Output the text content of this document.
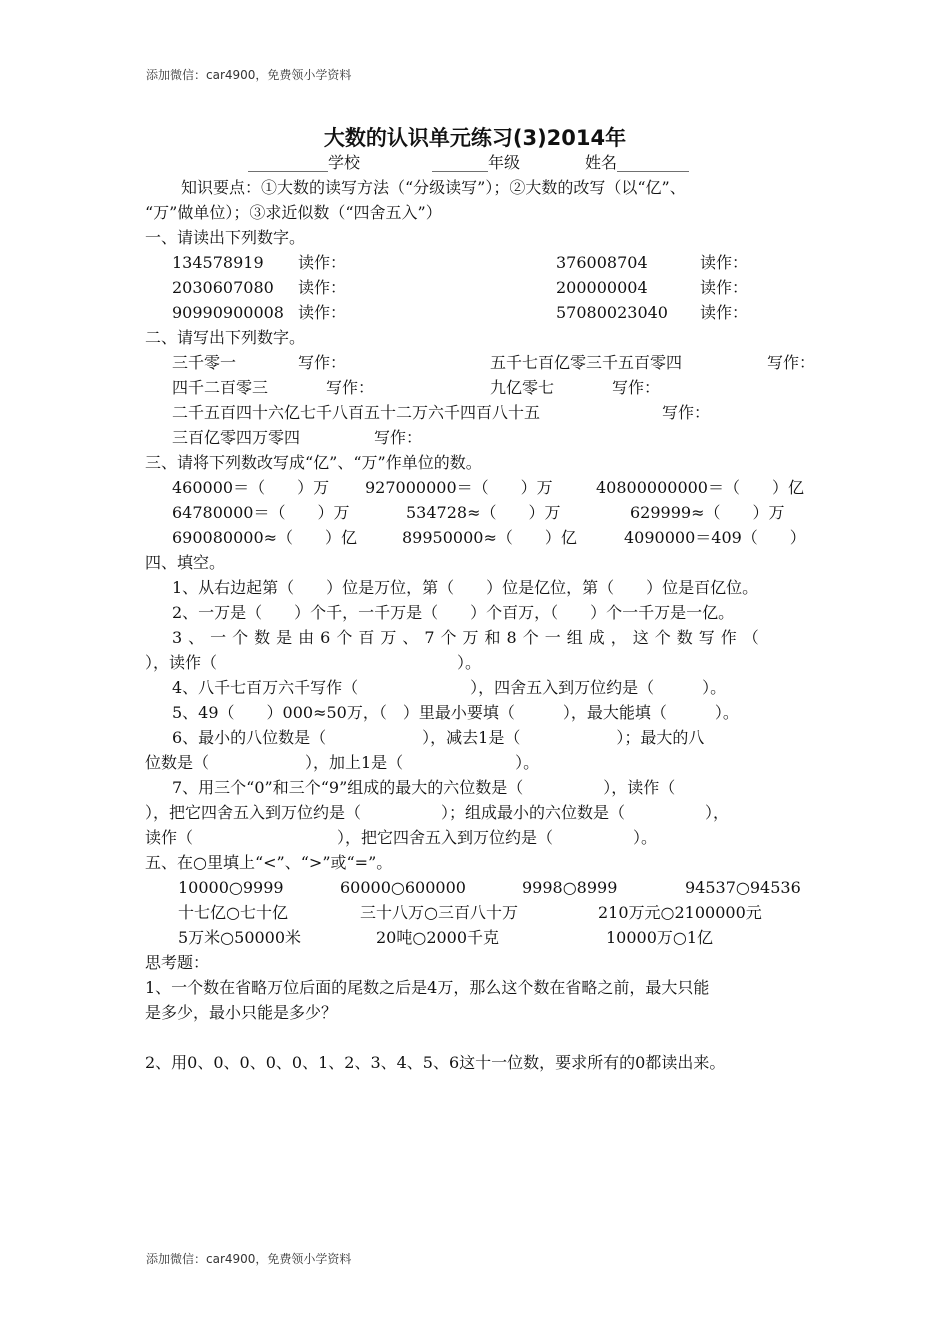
添加微信：car4900，免费领小学资料
大数的认识单元练习(3)2014年
__________学校	_______年级	姓名_________
知识要点：①大数的读写方法（“分级读写”）；②大数的改写（以“亿”、
“万”做单位）；③求近似数（“四舍五入”）
一、请读出下列数字。
134578919 读作：	376008704	读作：
2030607080 读作：	200000004	读作：
90990900008 读作：	57080023040 读作：
二、请写出下列数字。
三千零一	写作：	五千七百亿零三千五百零四	写作：
四千二百零三	写作：	九亿零七	写作：
二千五百四十六亿七千八百五十二万六千四百八十五	写作：
三百亿零四万零四	写作：
三、请将下列数改写成“亿”、“万”作单位的数。
460000＝（　　）万 927000000＝（　　）万	40800000000＝（　　）亿
64780000＝（　　）万	534728≈（　　）万	629999≈（　　）万
690080000≈（　　）亿	89950000≈（　　）亿	4090000＝409（　　）
四、填空。
1、从右边起第（　　）位是万位，第（　　）位是亿位，第（　　）位是百亿位。
2、一万是（　　）个千，一千万是（　　）个百万，（　　）个一千万是一亿。
3、一个数是由6个百万、7个万和8个一组成，这个数写作（
），读作（　　　　　　　　　　　　　　　）。
4、八千七百万六千写作（　　　　　　　），四舍五入到万位约是（　　　）。
5、49（　　）000≈50万，（　）里最小要填（　　　），最大能填（　　　）。
6、最小的八位数是（　　　　　　），减去1是（　　　　　　）；最大的八
位数是（　　　　　　），加上1是（　　　　　　　）。
7、用三个“0”和三个“9”组成的最大的六位数是（　　　　　），读作（
），把它四舍五入到万位约是（　　　　　）；组成最小的六位数是（　　　　　），
读作（　　　　　　　　　），把它四舍五入到万位约是（　　　　　）。
五、在○里填上“<”、“>”或“=”。
10000○9999	60000○600000	9998○8999	94537○94536
十七亿○七十亿	三十八万○三百八十万	210万元○2100000元
5万米○50000米	20吨○2000千克	10000万○1亿
思考题：
1、一个数在省略万位后面的尾数之后是4万，那么这个数在省略之前，最大只能
是多少，最小只能是多少？
2、用0、0、0、0、0、1、2、3、4、5、6这十一位数，要求所有的0都读出来。
添加微信：car4900，免费领小学资料
